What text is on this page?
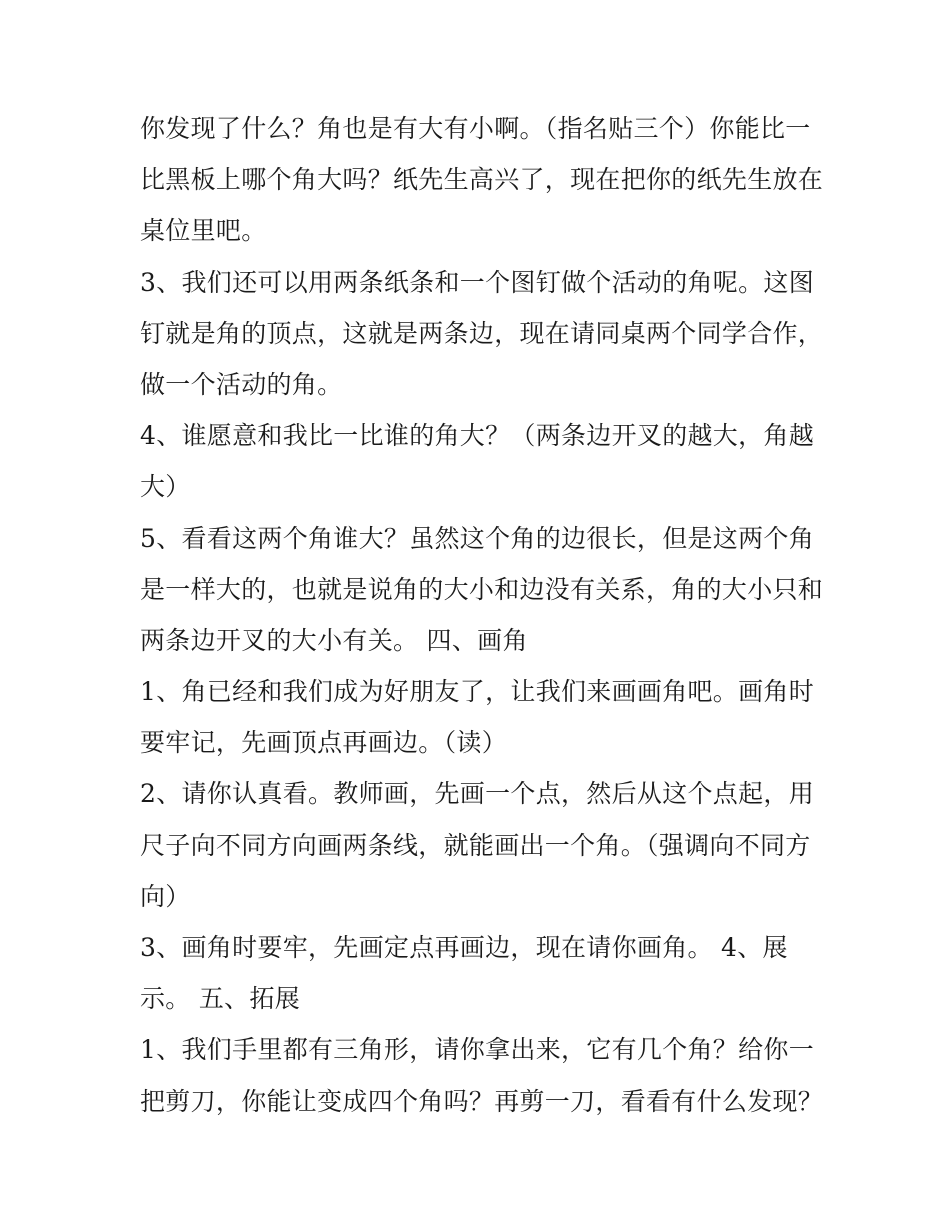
你发现了什么？角也是有大有小啊。（指名贴三个）你能比一
比黑板上哪个角大吗？纸先生高兴了，现在把你的纸先生放在
桌位里吧。
3、我们还可以用两条纸条和一个图钉做个活动的角呢。这图
钉就是角的顶点，这就是两条边，现在请同桌两个同学合作，
做一个活动的角。
4、谁愿意和我比一比谁的角大？（两条边开叉的越大，角越
大）
5、看看这两个角谁大？虽然这个角的边很长，但是这两个角
是一样大的，也就是说角的大小和边没有关系，角的大小只和
两条边开叉的大小有关。 四、画角
1、角已经和我们成为好朋友了，让我们来画画角吧。画角时
要牢记，先画顶点再画边。（读）
2、请你认真看。教师画，先画一个点，然后从这个点起，用
尺子向不同方向画两条线，就能画出一个角。（强调向不同方
向）
3、画角时要牢，先画定点再画边，现在请你画角。 4、展
示。 五、拓展
1、我们手里都有三角形，请你拿出来，它有几个角？给你一
把剪刀，你能让变成四个角吗？再剪一刀，看看有什么发现？
